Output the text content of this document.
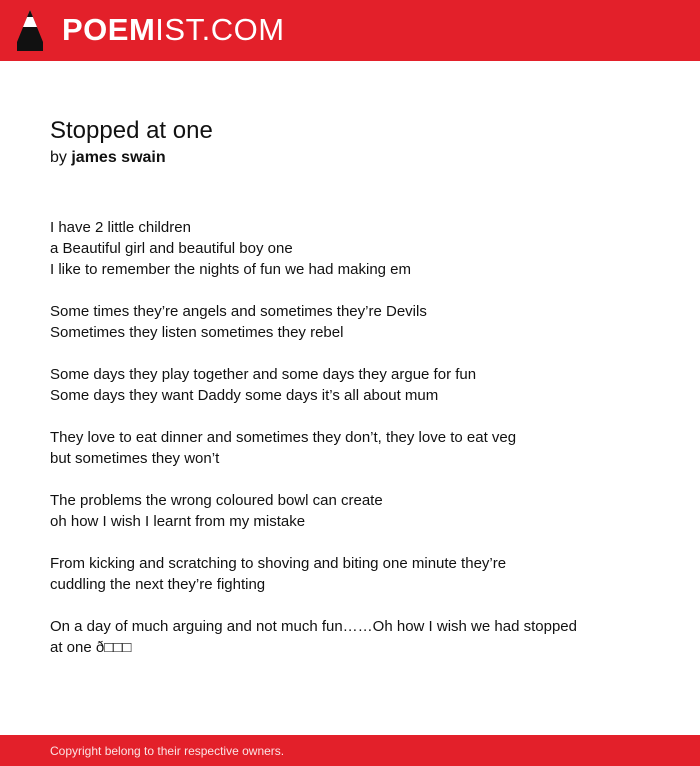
POEMIST.COM
Stopped at one
by james swain
I have 2 little children
a Beautiful girl and beautiful boy one
I like to remember the nights of fun we had making em
Some times they’re angels and sometimes they’re Devils
Sometimes they listen sometimes they rebel
Some days they play together and some days they argue for fun
Some days they want Daddy some days it’s all about mum
They love to eat dinner and sometimes they don’t, they love to eat veg
but sometimes they won’t
The problems the wrong coloured bowl can create
oh how I wish I learnt from my mistake
From kicking and scratching to shoving and biting one minute they’re
cuddling the next they’re fighting
On a day of much arguing and not much fun……Oh how I wish we had stopped
at one ð□□□
Copyright belong to their respective owners.
